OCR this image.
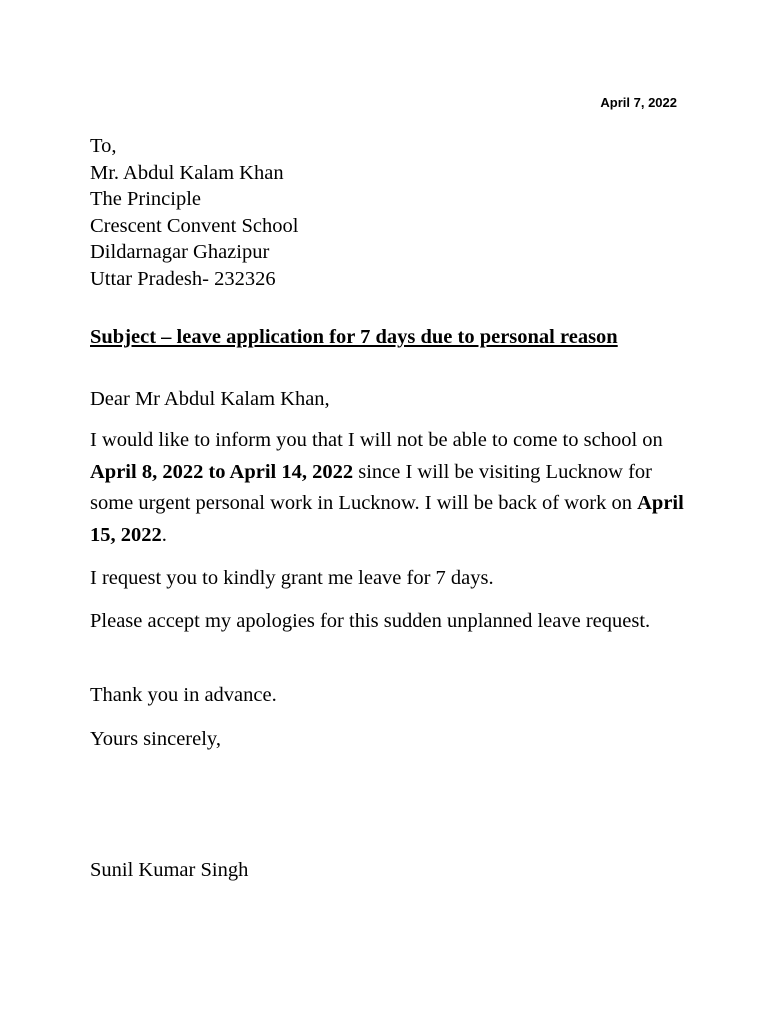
April 7, 2022
To,
Mr. Abdul Kalam Khan
The Principle
Crescent Convent School
Dildarnagar Ghazipur
Uttar Pradesh- 232326
Subject – leave application for 7 days due to personal reason
Dear Mr Abdul Kalam Khan,
I would like to inform you that I will not be able to come to school on April 8, 2022 to April 14, 2022 since I will be visiting Lucknow for some urgent personal work in Lucknow. I will be back of work on April 15, 2022.
I request you to kindly grant me leave for 7 days.
Please accept my apologies for this sudden unplanned leave request.
Thank you in advance.
Yours sincerely,
Sunil Kumar Singh
